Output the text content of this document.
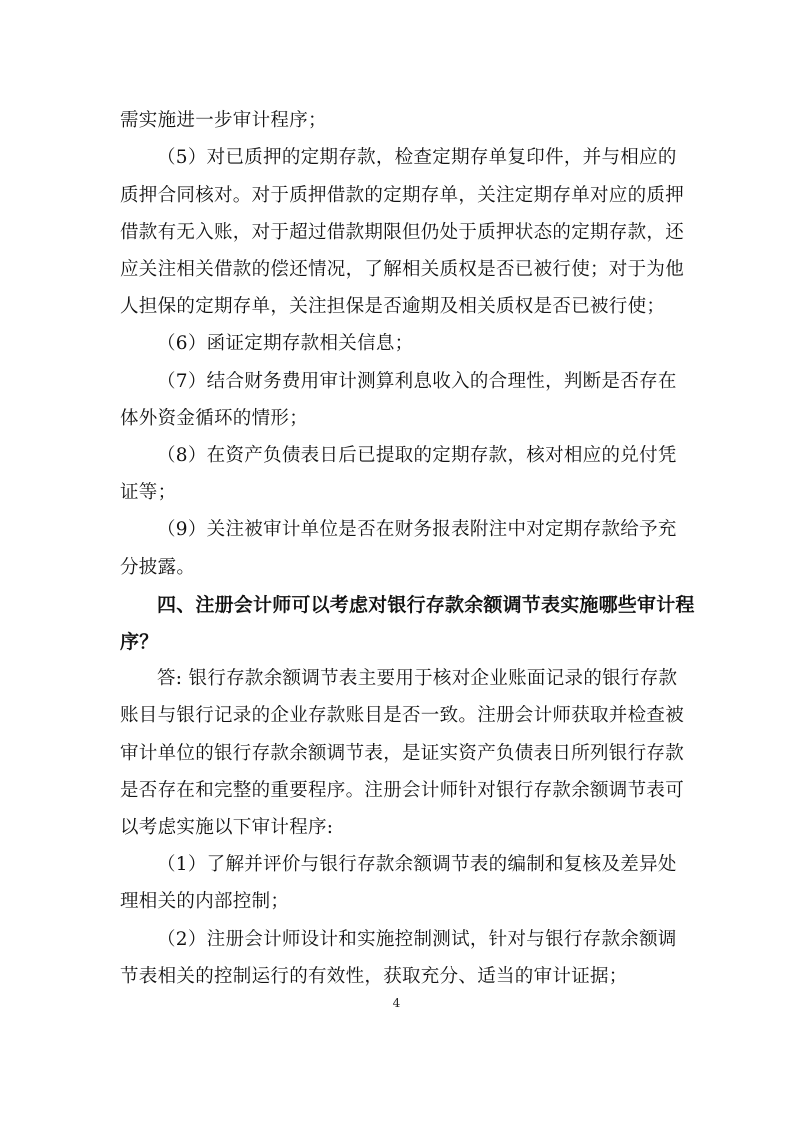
需实施进一步审计程序；
（5）对已质押的定期存款，检查定期存单复印件，并与相应的
质押合同核对。对于质押借款的定期存单，关注定期存单对应的质押
借款有无入账，对于超过借款期限但仍处于质押状态的定期存款，还
应关注相关借款的偿还情况，了解相关质权是否已被行使；对于为他
人担保的定期存单，关注担保是否逾期及相关质权是否已被行使；
（6）函证定期存款相关信息；
（7）结合财务费用审计测算利息收入的合理性，判断是否存在
体外资金循环的情形；
（8）在资产负债表日后已提取的定期存款，核对相应的兑付凭
证等；
（9）关注被审计单位是否在财务报表附注中对定期存款给予充
分披露。
四、注册会计师可以考虑对银行存款余额调节表实施哪些审计程
序？
答: 银行存款余额调节表主要用于核对企业账面记录的银行存款
账目与银行记录的企业存款账目是否一致。注册会计师获取并检查被
审计单位的银行存款余额调节表，是证实资产负债表日所列银行存款
是否存在和完整的重要程序。注册会计师针对银行存款余额调节表可
以考虑实施以下审计程序:
（1）了解并评价与银行存款余额调节表的编制和复核及差异处
理相关的内部控制；
（2）注册会计师设计和实施控制测试，针对与银行存款余额调
节表相关的控制运行的有效性，获取充分、适当的审计证据；
4
